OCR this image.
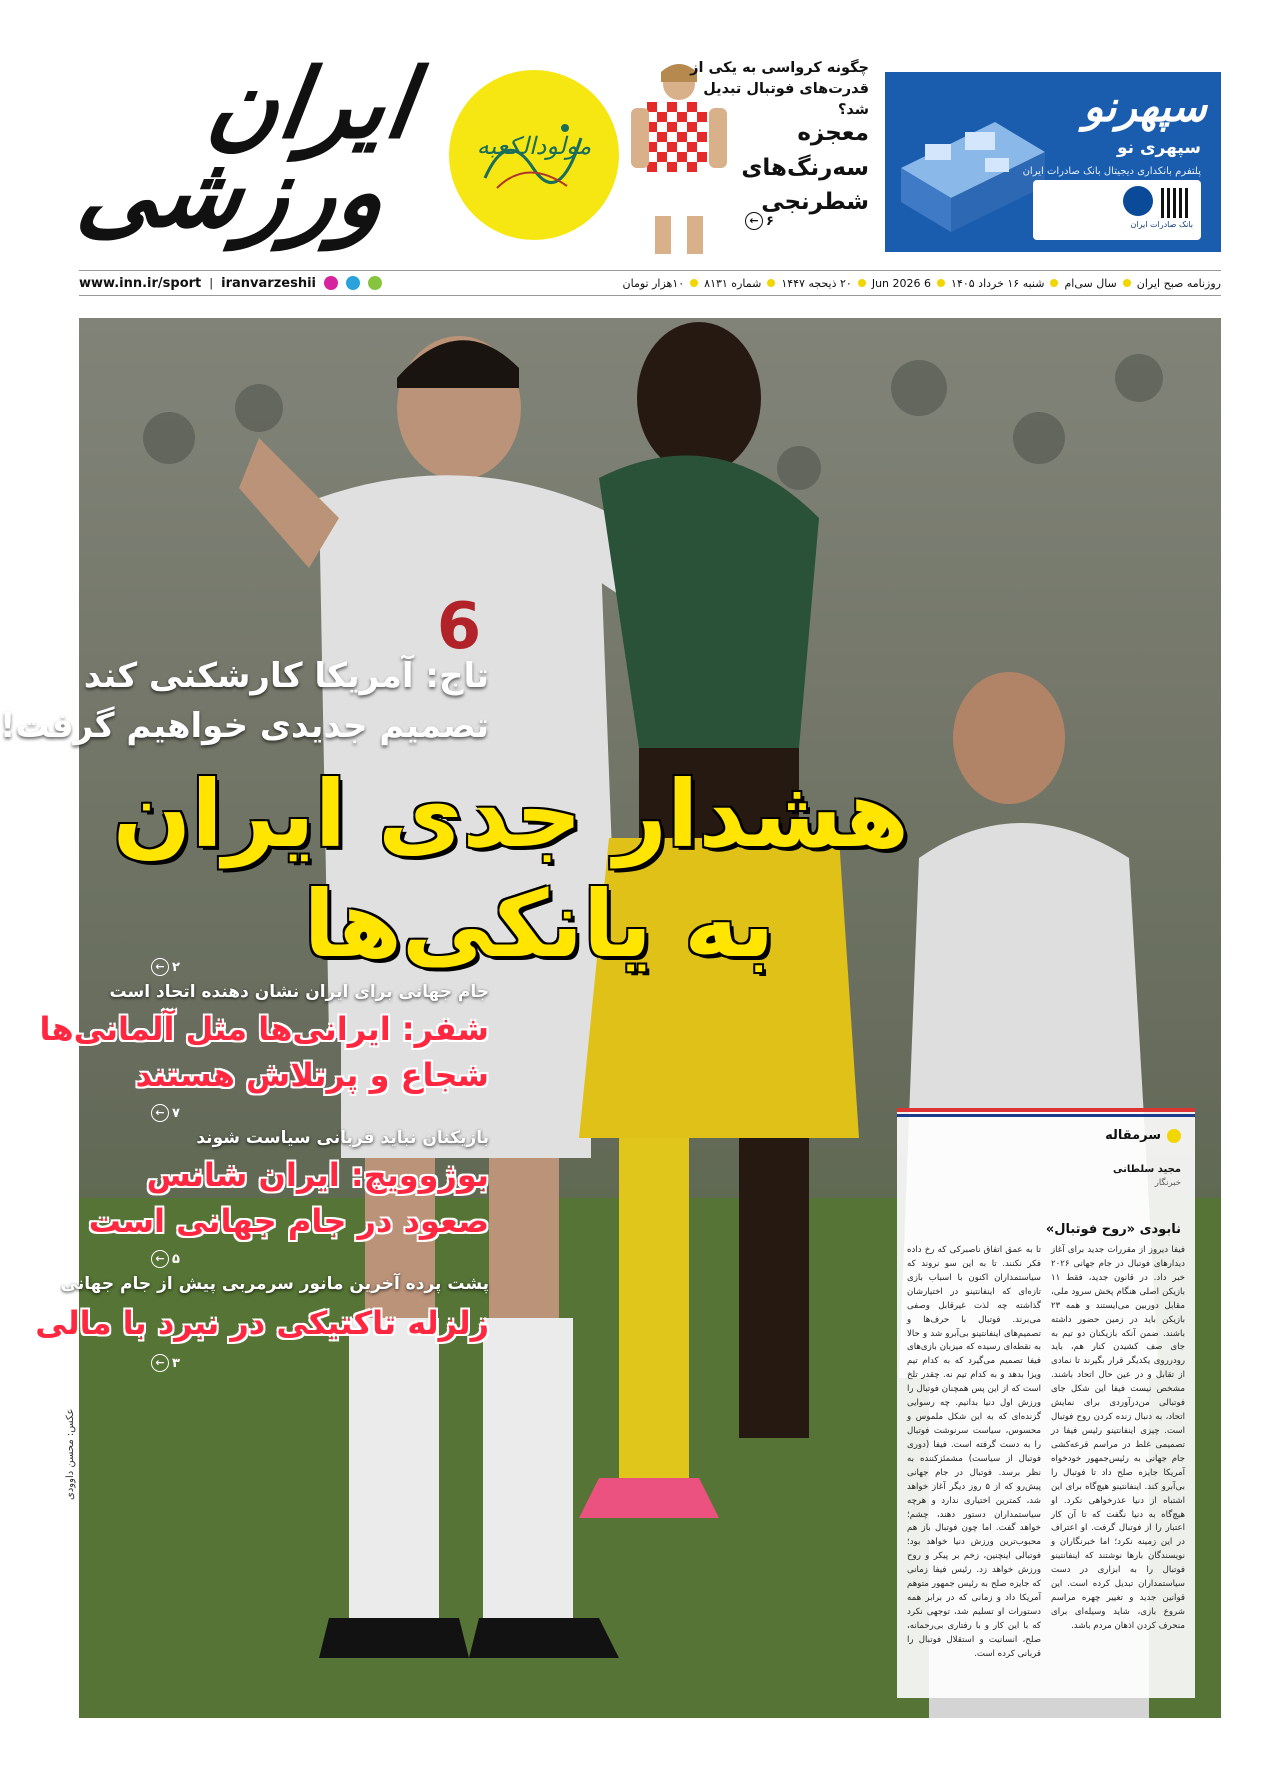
ایران
ورزشی	مولودالکعبه
چگونه کرواسی به یکی از قدرت‌های فوتبال تبدیل شد؟
معجزه سه‌رنگ‌های شطرنجی
← ۶
سپهرنو
سپهری نو
پلتفرم بانکداری دیجیتال بانک صادرات ایران
بانک صادرات ایران
www.inn.ir/sport | iranvarzeshii	روزنامه صبح ایران
سال سی‌ام
شنبه ۱۶ خرداد ۱۴۰۵
6 Jun 2026
۲۰ ذیحجه ۱۴۴۷
شماره ۸۱۳۱
۱۰هزار تومان
6
تاج: آمریکا کارشکنی کند
تصمیم جدیدی خواهیم گرفت!
هشدار جدی ایران
به یانکی‌ها
← ۲
جام جهانی برای ایران نشان دهنده اتحاد است
شفر: ایرانی‌ها مثل آلمانی‌ها
شجاع و پرتلاش هستند
← ۷
بازیکنان نباید قربانی سیاست شوند
بوژوویچ: ایران شانس
صعود در جام جهانی است
← ۵
پشت پرده آخرین مانور سرمربی پیش از جام جهانی
زلزله تاکتیکی در نبرد با مالی
← ۳
عکس: محسن داوودی
سرمقاله
مجید سلطانی
خبرنگار
نابودی «روح فوتبال»
فیفا دیروز از مقررات جدید برای آغاز دیدارهای فوتبال در جام جهانی ۲۰۲۶ خبر داد. در قانون جدید، فقط ۱۱ بازیکن اصلی هنگام پخش سرود ملی، مقابل دوربین می‌ایستند و همه ۲۳ بازیکن باید در زمین حضور داشته باشند. ضمن آنکه بازیکنان دو تیم به جای صف کشیدن کنار هم، باید رودرروی یکدیگر قرار بگیرند تا نمادی از تقابل و در عین حال اتحاد باشند. مشخص نیست فیفا این شکل جای فوتبالی من‌درآوردی برای نمایش اتحاد، به دنبال زنده کردن روح فوتبال است. چیزی اینفانتینو رئیس فیفا در تصمیمی غلط در مراسم قرعه‌کشی جام جهانی به رئیس‌جمهور خودخواه آمریکا جایزه صلح داد تا فوتبال را بی‌آبرو کند. اینفانتینو هیچ‌گاه برای این اشتباه از دنیا عذرخواهی نکرد. او هیچ‌گاه به دنیا نگفت که تا آن کار اعتبار را از فوتبال گرفت. او اعتراف در این زمینه نکرد؛ اما خبرنگاران و نویسندگان بارها نوشتند که اینفانتینو فوتبال را به ابزاری در دست سیاستمداران تبدیل کرده است. این قوانین جدید و تغییر چهره مراسم شروع بازی، شاید وسیله‌ای برای منحرف کردن اذهان مردم باشد.
تا به عمق اتفاق ناصبرکی که رخ داده فکر نکنند. تا به این سو نروند که سیاستمداران اکنون با اسباب بازی تازه‌ای که اینفانتینو در اختیارشان گذاشته چه لذت غیرقابل وصفی می‌برند. فوتبال با حرف‌ها و تصمیم‌های اینفانتینو بی‌آبرو شد و حالا به نقطه‌ای رسیده که میزبان بازی‌های فیفا تصمیم می‌گیرد که به کدام تیم ویزا بدهد و به کدام تیم نه. چقدر تلخ است که از این پس همچنان فوتبال را ورزش اول دنیا بدانیم. چه رسوایی گزنده‌ای که به این شکل ملموس و محسوس، سیاست سرنوشت فوتبال را به دست گرفته است. فیفا (دوری فوتبال از سیاست) مشمئزکننده به نظر برسد. فوتبال در جام جهانی پیش‌رو که از ۵ روز دیگر آغاز خواهد شد، کمترین اختیاری ندارد و هرچه سیاستمداران دستور دهند، چشم؛ خواهد گفت. اما چون فوتبال باز هم محبوب‌ترین ورزش دنیا خواهد بود؛ فوتبالی اینچنین، زخم بر پیکر و روح ورزش خواهد زد. رئیس فیفا زمانی که جایزه صلح به رئیس جمهور متوهم آمریکا داد و زمانی که در برابر همه دستورات او تسلیم شد، توجهی نکرد که با این کار و با رفتاری بی‌رحمانه، صلح، انسانیت و استقلال فوتبال را قربانی کرده است.
